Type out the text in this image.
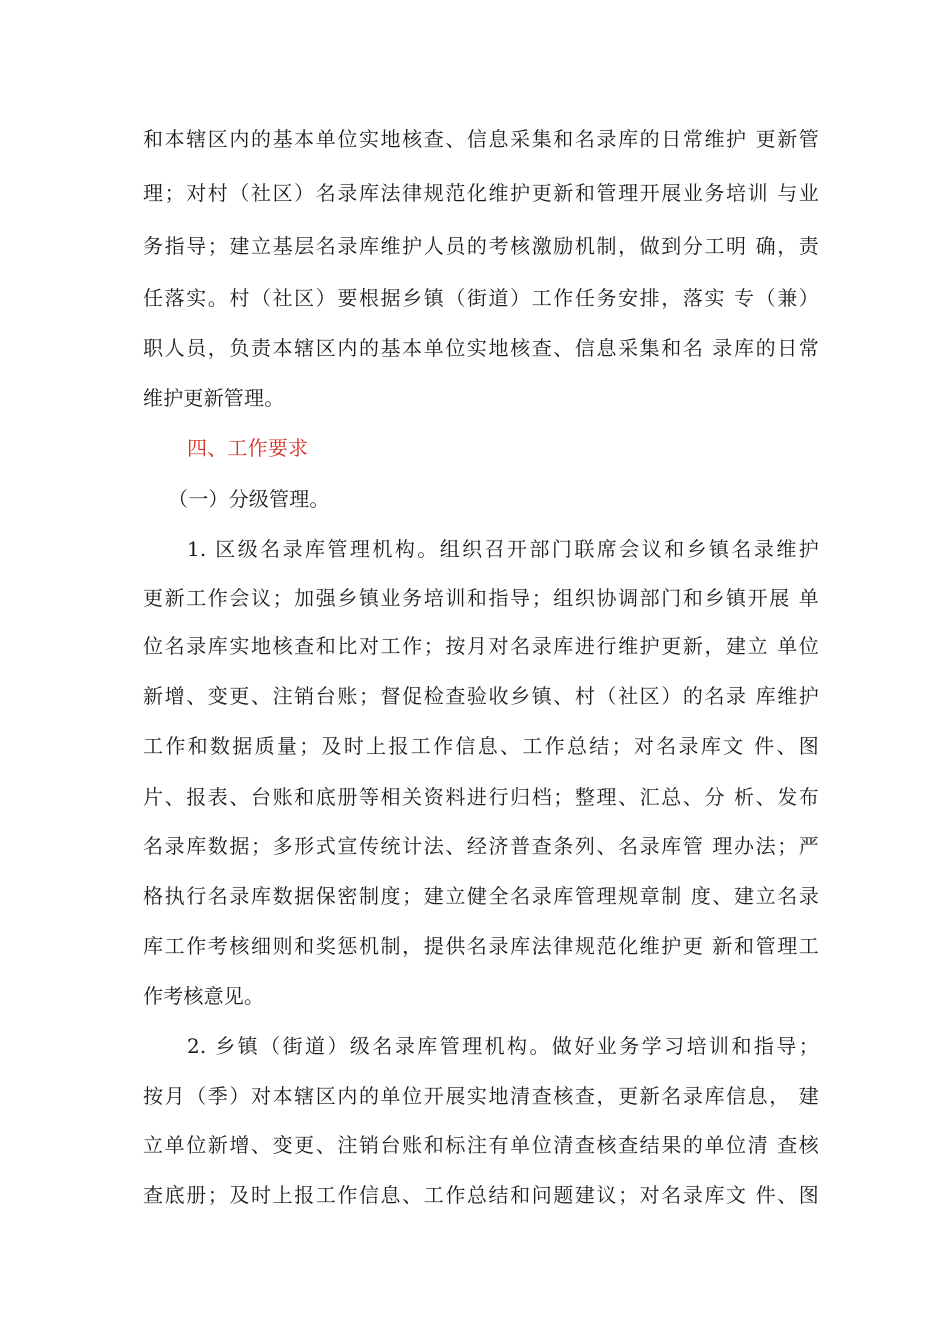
和本辖区内的基本单位实地核查、信息采集和名录库的日常维护 更新管
理；对村（社区）名录库法律规范化维护更新和管理开展业务培训 与业
务指导；建立基层名录库维护人员的考核激励机制，做到分工明 确，责
任落实。村（社区）要根据乡镇（街道）工作任务安排，落实 专（兼）
职人员，负责本辖区内的基本单位实地核查、信息采集和名 录库的日常
维护更新管理。
四、工作要求
（一）分级管理。
1. 区级名录库管理机构。组织召开部门联席会议和乡镇名录维护
更新工作会议；加强乡镇业务培训和指导；组织协调部门和乡镇开展 单
位名录库实地核查和比对工作；按月对名录库进行维护更新，建立 单位
新增、变更、注销台账；督促检查验收乡镇、村（社区）的名录 库维护
工作和数据质量；及时上报工作信息、工作总结；对名录库文 件、图
片、报表、台账和底册等相关资料进行归档；整理、汇总、分 析、发布
名录库数据；多形式宣传统计法、经济普查条列、名录库管 理办法；严
格执行名录库数据保密制度；建立健全名录库管理规章制 度、建立名录
库工作考核细则和奖惩机制，提供名录库法律规范化维护更 新和管理工
作考核意见。
2. 乡镇（街道）级名录库管理机构。做好业务学习培训和指导；
按月（季）对本辖区内的单位开展实地清查核查，更新名录库信息， 建
立单位新增、变更、注销台账和标注有单位清查核查结果的单位清 查核
查底册；及时上报工作信息、工作总结和问题建议；对名录库文 件、图
